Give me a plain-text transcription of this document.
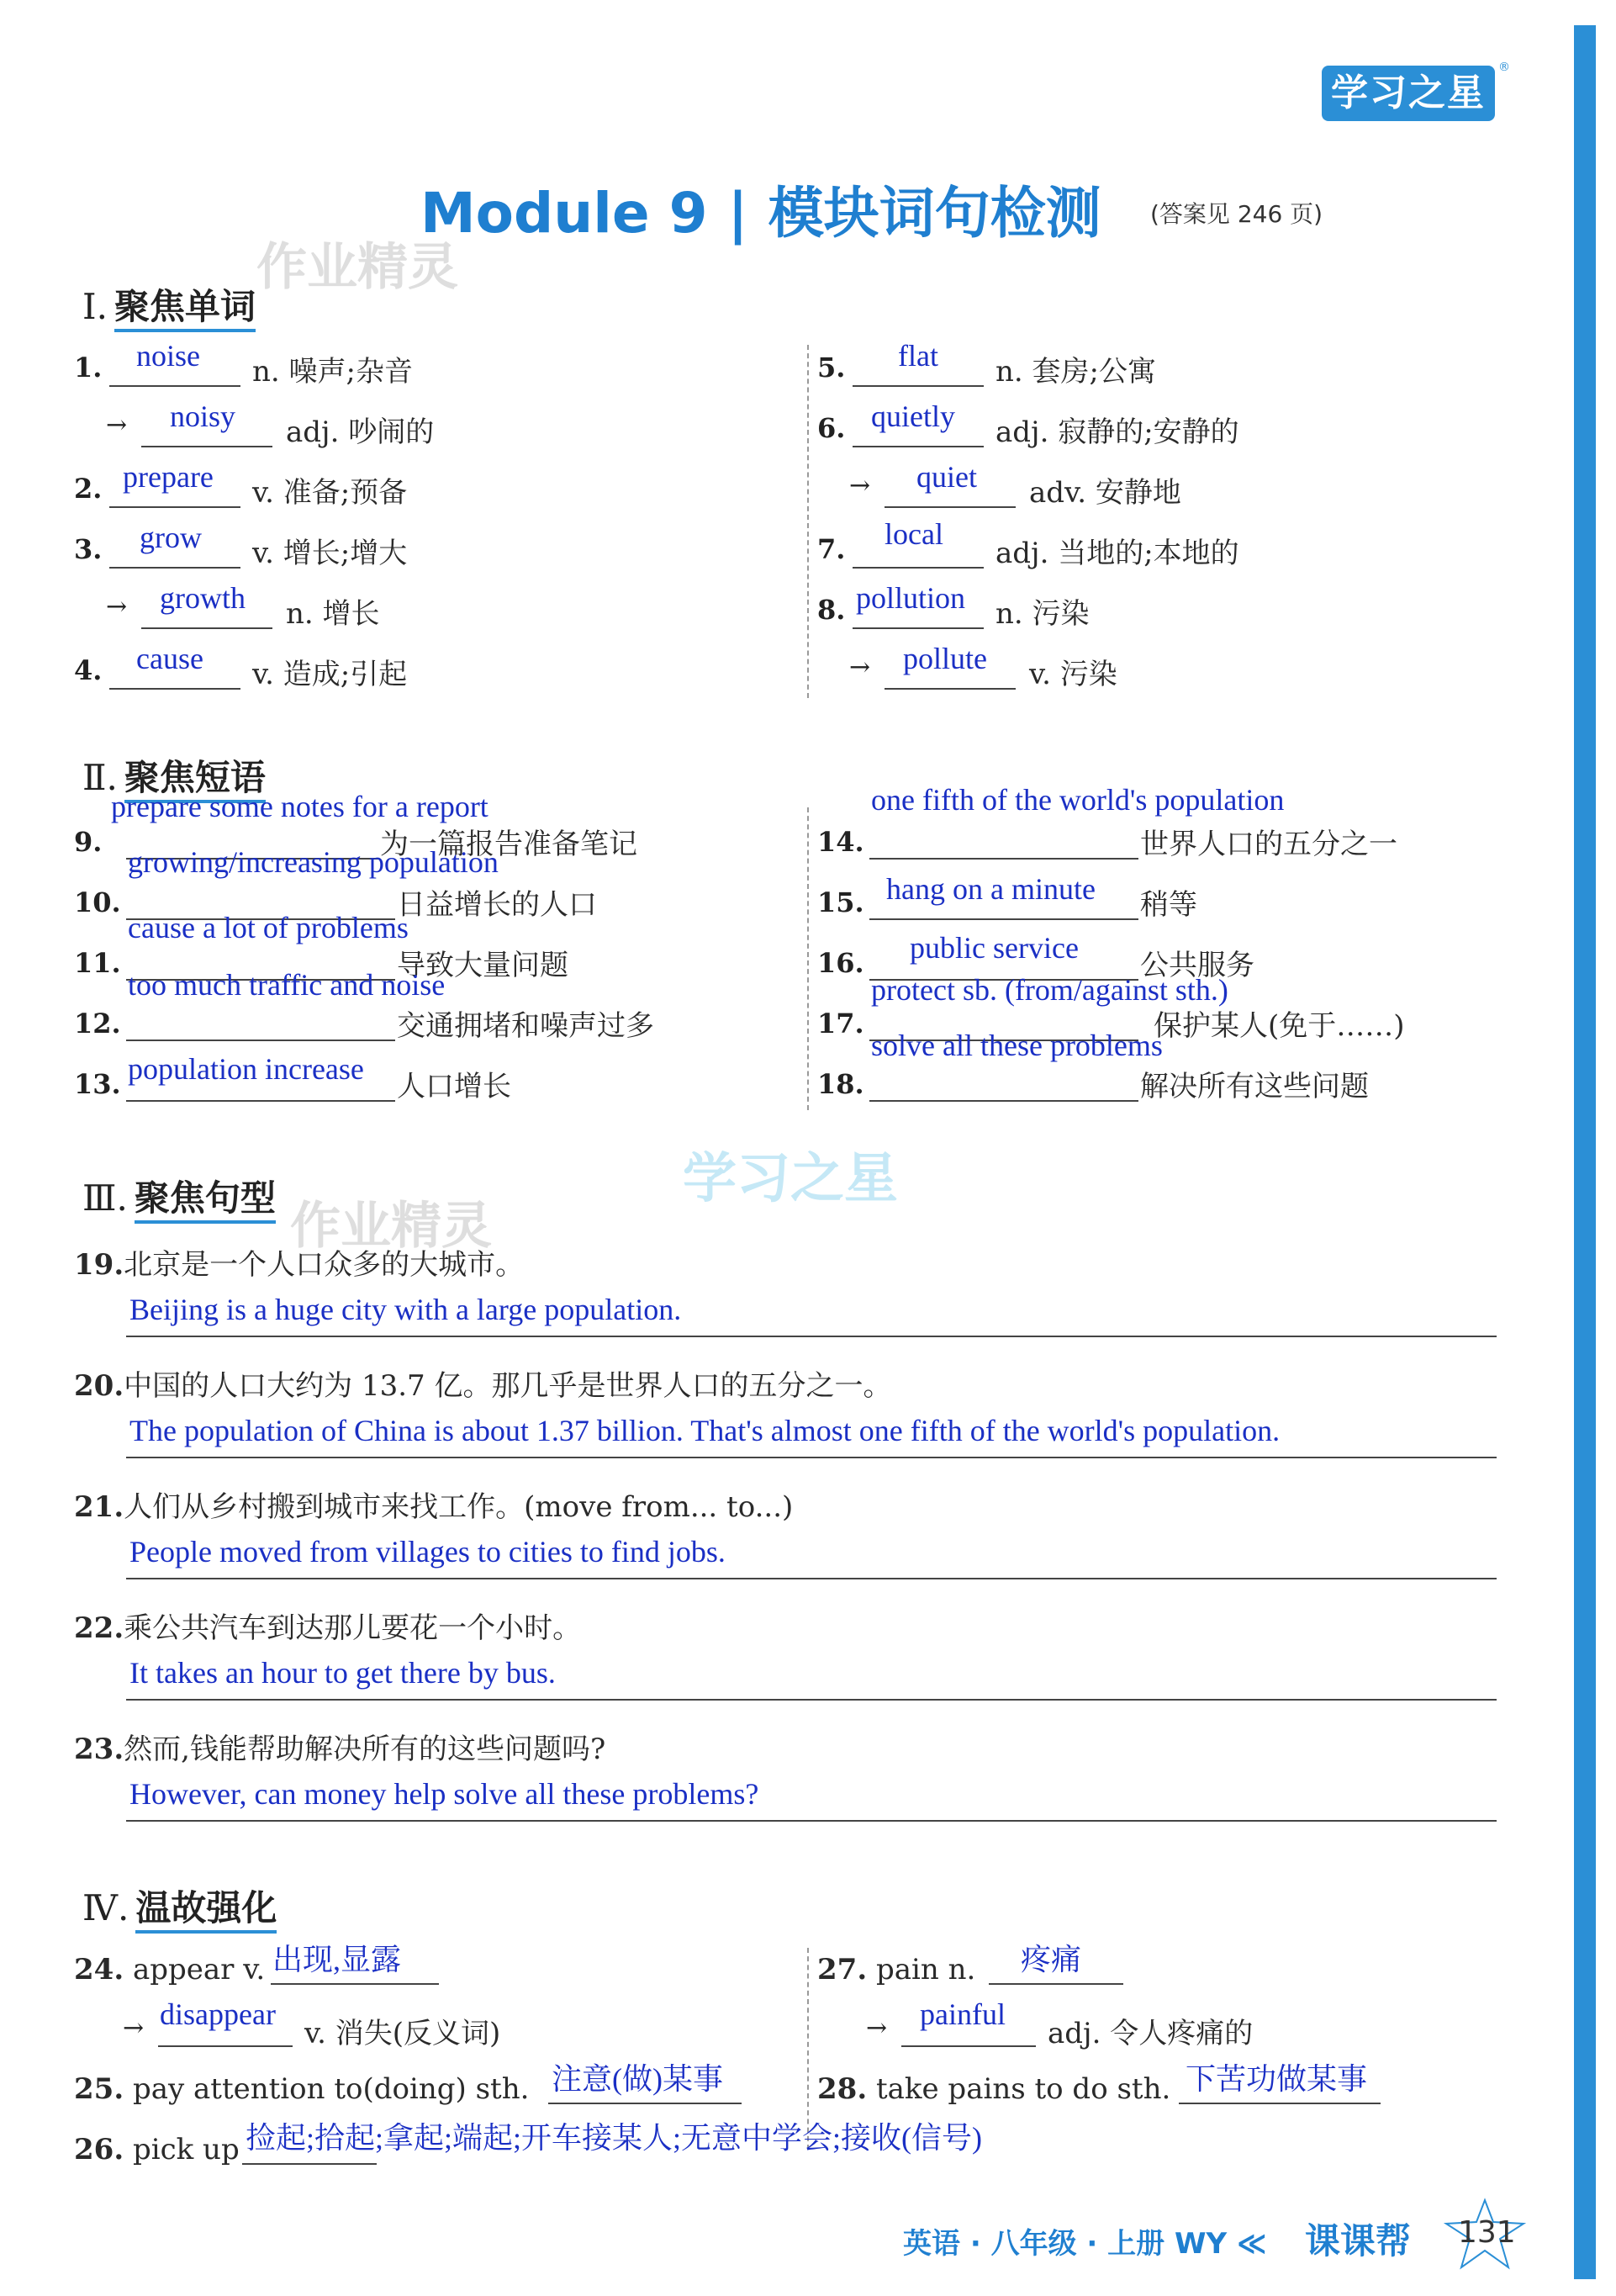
学习之星
®
Module 9 | 模块词句检测 (答案见 246 页)
作业精灵
学习之星
作业精灵
Ⅰ. 聚焦单词
1. noise n. 噪声;杂音
→ noisy adj. 吵闹的
2. prepare v. 准备;预备
3. grow v. 增长;增大
→ growth n. 增长
4. cause v. 造成;引起
5. flat n. 套房;公寓
6. quietly adj. 寂静的;安静的
→ quiet adv. 安静地
7. local
adj. 当地的;本地的
8. pollution n. 污染
→ pollute v. 污染
Ⅱ. 聚焦短语
9.
prepare some notes for a report
为一篇报告准备笔记
10.
growing/increasing population
日益增长的人口
11.
cause a lot of problems
导致大量问题
12.
too much traffic and noise
交通拥堵和噪声过多
13. population increase
人口增长
14.
one fifth of the world's population
世界人口的五分之一
15. hang on a minute 稍等
16. public service
公共服务
17.
protect sb. (from/against sth.)
保护某人(免于……)
18.
solve all these problems
解决所有这些问题
Ⅲ. 聚焦句型
19.北京是一个人口众多的大城市。
Beijing is a huge city with a large population.
20.中国的人口大约为 13.7 亿。那几乎是世界人口的五分之一。
The population of China is about 1.37 billion. That's almost one fifth of the world's population.
21.人们从乡村搬到城市来找工作。(move from... to...)
People moved from villages to cities to find jobs.
22.乘公共汽车到达那儿要花一个小时。
It takes an hour to get there by bus.
23.然而,钱能帮助解决所有的这些问题吗?
However, can money help solve all these problems?
Ⅳ. 温故强化
24. appear v. 出现,显露
→ disappear
v. 消失(反义词)
25. pay attention to(doing) sth. 注意(做)某事
26. pick up 捡起;拾起;拿起;端起;开车接某人;无意中学会;接收(信号)
27. pain n. 疼痛
→ painful
adj. 令人疼痛的
28. take pains to do sth. 下苦功做某事
英语 · 八年级 · 上册 WY ≪ 课课帮 131
